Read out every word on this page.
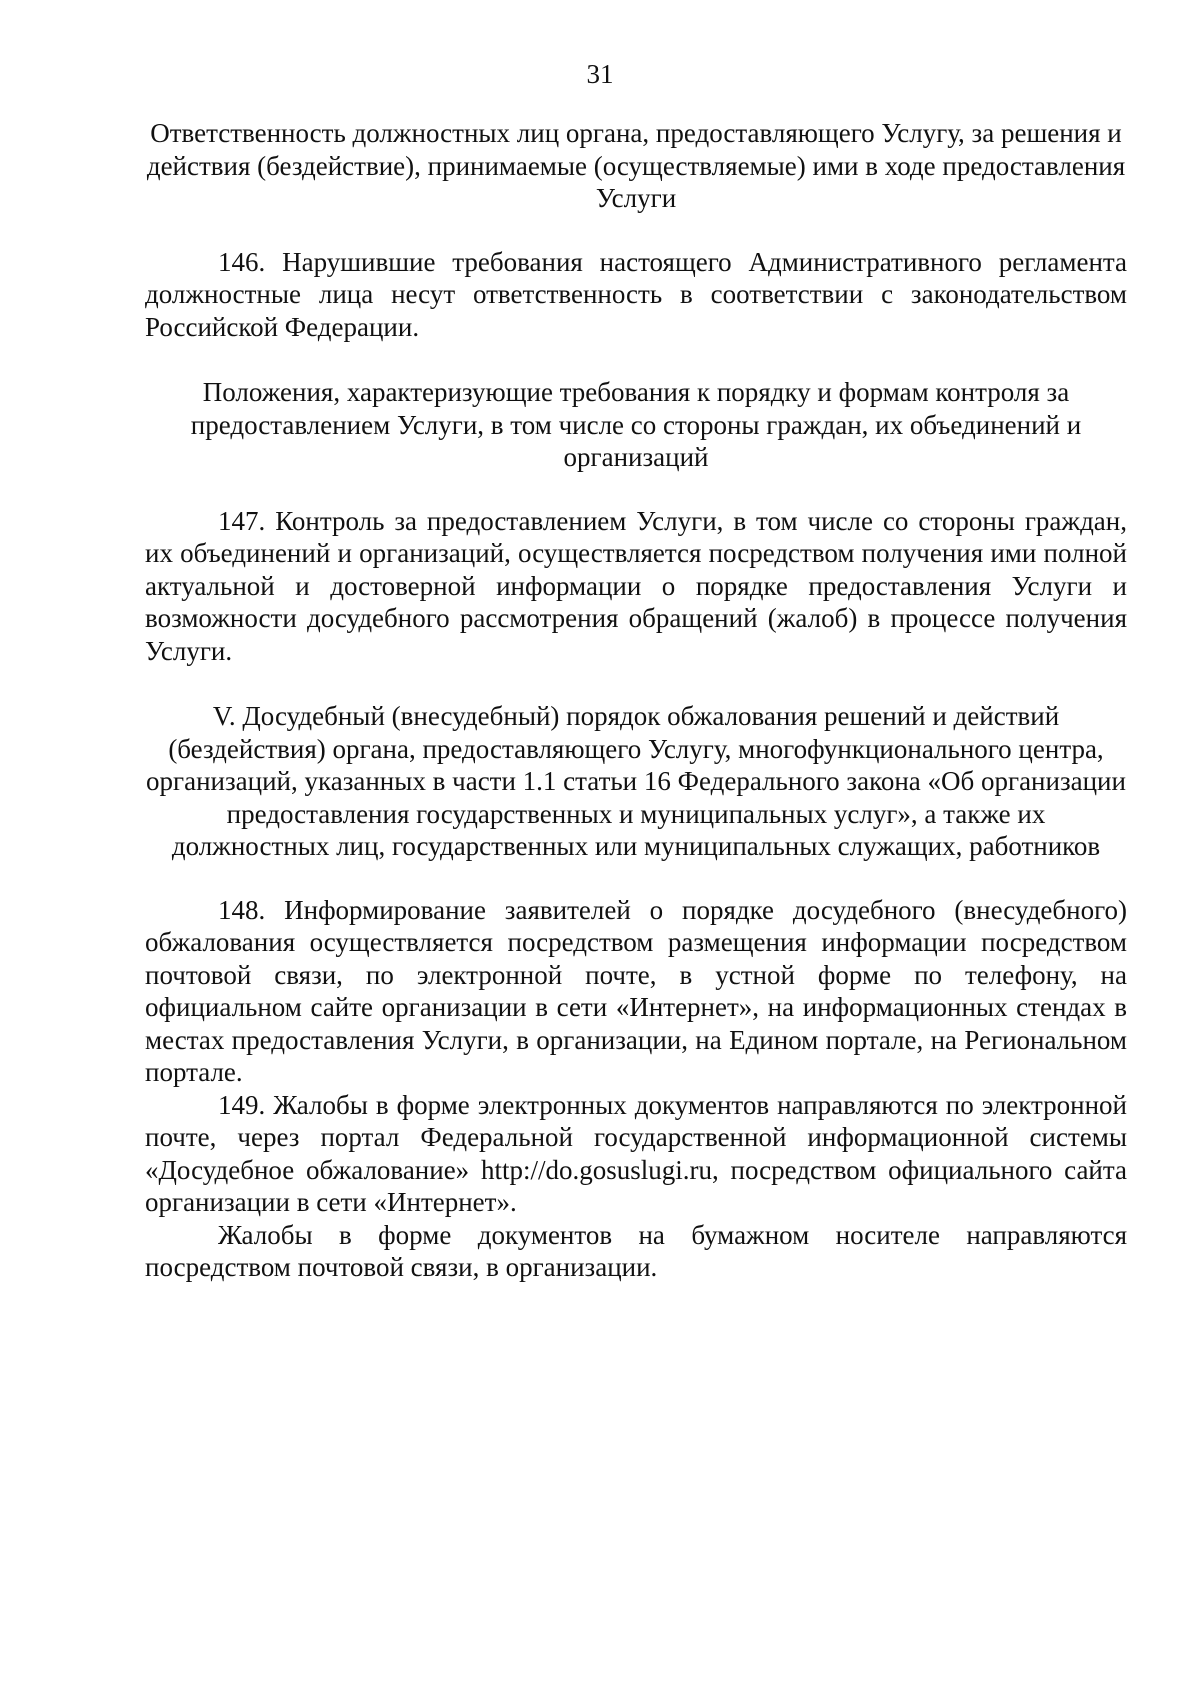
31

Ответственность должностных лиц органа, предоставляющего Услугу, за решения и действия (бездействие), принимаемые (осуществляемые) ими в ходе предоставления Услуги

146. Нарушившие требования настоящего Административного регламента должностные лица несут ответственность в соответствии с законодательством Российской Федерации.

Положения, характеризующие требования к порядку и формам контроля за предоставлением Услуги, в том числе со стороны граждан, их объединений и организаций

147. Контроль за предоставлением Услуги, в том числе со стороны граждан, их объединений и организаций, осуществляется посредством получения ими полной актуальной и достоверной информации о порядке предоставления Услуги и возможности досудебного рассмотрения обращений (жалоб) в процессе получения Услуги.

V. Досудебный (внесудебный) порядок обжалования решений и действий (бездействия) органа, предоставляющего Услугу, многофункционального центра, организаций, указанных в части 1.1 статьи 16 Федерального закона «Об организации предоставления государственных и муниципальных услуг», а также их должностных лиц, государственных или муниципальных служащих, работников

148. Информирование заявителей о порядке досудебного (внесудебного) обжалования осуществляется посредством размещения информации посредством почтовой связи, по электронной почте, в устной форме по телефону, на официальном сайте организации в сети «Интернет», на информационных стендах в местах предоставления Услуги, в организации, на Едином портале, на Региональном портале.

149. Жалобы в форме электронных документов направляются по электронной почте, через портал Федеральной государственной информационной системы «Досудебное обжалование» http://do.gosuslugi.ru, посредством официального сайта организации в сети «Интернет».

Жалобы в форме документов на бумажном носителе направляются посредством почтовой связи, в организации.
